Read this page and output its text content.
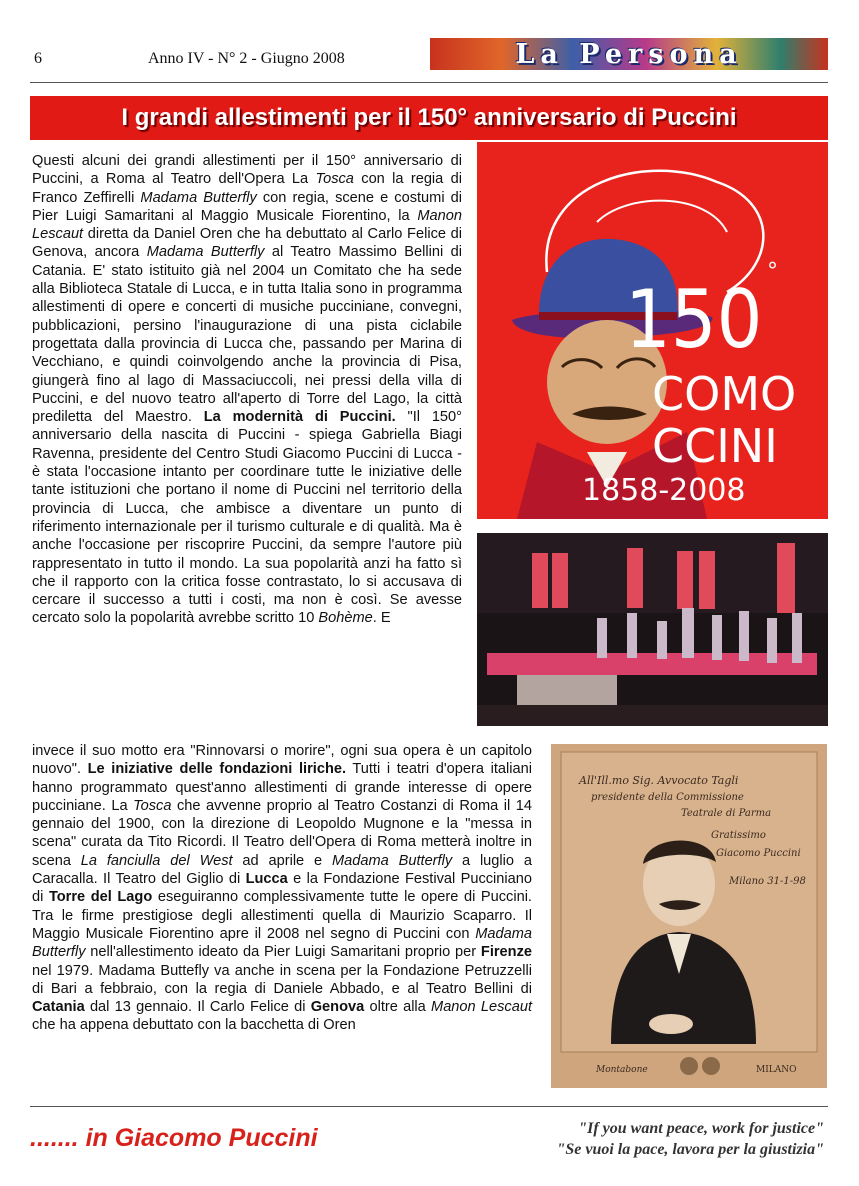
6	Anno IV - N° 2 - Giugno 2008	La Persona
I grandi allestimenti per il 150° anniversario di Puccini
Questi alcuni dei grandi allestimenti per il 150° anniversario di Puccini, a Roma al Teatro dell'Opera La Tosca con la regia di Franco Zeffirelli Madama Butterfly con regia, scene e costumi di Pier Luigi Samaritani al Maggio Musicale Fiorentino, la Manon Lescaut diretta da Daniel Oren che ha debuttato al Carlo Felice di Genova, ancora Madama Butterfly al Teatro Massimo Bellini di Catania. E' stato istituito già nel 2004 un Comitato che ha sede alla Biblioteca Statale di Lucca, e in tutta Italia sono in programma allestimenti di opere e concerti di musiche pucciniane, convegni, pubblicazioni, persino l'inaugurazione di una pista ciclabile progettata dalla provincia di Lucca che, passando per Marina di Vecchiano, e quindi coinvolgendo anche la provincia di Pisa, giungerà fino al lago di Massaciuccoli, nei pressi della villa di Puccini, e del nuovo teatro all'aperto di Torre del Lago, la città prediletta del Maestro. La modernità di Puccini. "Il 150° anniversario della nascita di Puccini - spiega Gabriella Biagi Ravenna, presidente del Centro Studi Giacomo Puccini di Lucca - è stata l'occasione intanto per coordinare tutte le iniziative delle tante istituzioni che portano il nome di Puccini nel territorio della provincia di Lucca, che ambisce a diventare un punto di riferimento internazionale per il turismo culturale e di qualità. Ma è anche l'occasione per riscoprire Puccini, da sempre l'autore più rappresentato in tutto il mondo. La sua popolarità anzi ha fatto sì che il rapporto con la critica fosse contrastato, lo si accusava di cercare il successo a tutti i costi, ma non è così. Se avesse cercato solo la popolarità avrebbe scritto 10 Bohème. E
invece il suo motto era "Rinnovarsi o morire", ogni sua opera è un capitolo nuovo". Le iniziative delle fondazioni liriche. Tutti i teatri d'opera italiani hanno programmato quest'anno allestimenti di grande interesse di opere pucciniane. La Tosca che avvenne proprio al Teatro Costanzi di Roma il 14 gennaio del 1900, con la direzione di Leopoldo Mugnone e la "messa in scena" curata da Tito Ricordi. Il Teatro dell'Opera di Roma metterà inoltre in scena La fanciulla del West ad aprile e Madama Butterfly a luglio a Caracalla. Il Teatro del Giglio di Lucca e la Fondazione Festival Pucciniano di Torre del Lago eseguiranno complessivamente tutte le opere di Puccini. Tra le firme prestigiose degli allestimenti quella di Maurizio Scaparro. Il Maggio Musicale Fiorentino apre il 2008 nel segno di Puccini con Madama Butterfly nell'allestimento ideato da Pier Luigi Samaritani proprio per Firenze nel 1979. Madama Buttefly va anche in scena per la Fondazione Petruzzelli di Bari a febbraio, con la regia di Daniele Abbado, e al Teatro Bellini di Catania dal 13 gennaio. Il Carlo Felice di Genova oltre alla Manon Lescaut che ha appena debuttato con la bacchetta di Oren
150
°
COMO
CCINI
1858-2008
All'Ill.mo Sig. Avvocato Tagli
presidente della Commissione
Teatrale di Parma
Gratissimo
Giacomo Puccini
Milano 31-1-98
Montabone	MILANO
....... in Giacomo Puccini	"If you want peace, work for justice"
"Se vuoi la pace, lavora per la giustizia"
